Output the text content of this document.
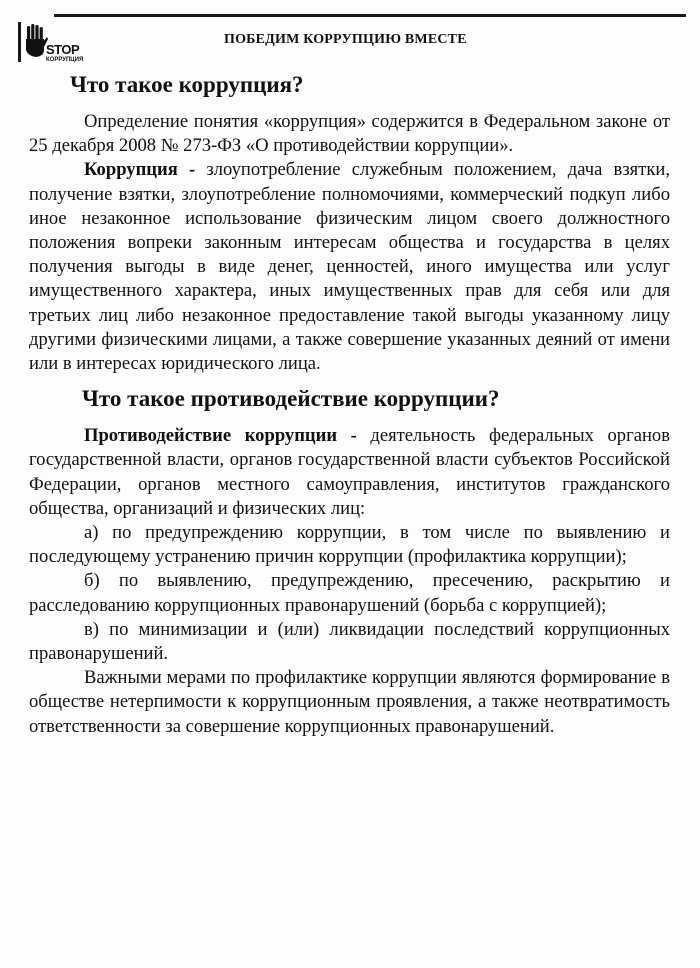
STOP
КОРРУПЦИЯ
ПОБЕДИМ КОРРУПЦИЮ ВМЕСТЕ
Что такое коррупция?

Определение понятия «коррупция» содержится в Федеральном законе от 25 декабря 2008 № 273-ФЗ «О противодействии коррупции».

Коррупция - злоупотребление служебным положением, дача взятки, получение взятки, злоупотребление полномочиями, коммерческий подкуп либо иное незаконное использование физическим лицом своего должностного положения вопреки законным интересам общества и государства в целях получения выгоды в виде денег, ценностей, иного имущества или услуг имущественного характера, иных имущественных прав для себя или для третьих лиц либо незаконное предоставление такой выгоды указанному лицу другими физическими лицами, а также совершение указанных деяний от имени или в интересах юридического лица.

Что такое противодействие коррупции?

Противодействие коррупции - деятельность федеральных органов государственной власти, органов государственной власти субъектов Российской Федерации, органов местного самоуправления, институтов гражданского общества, организаций и физических лиц:

а) по предупреждению коррупции, в том числе по выявлению и последующему устранению причин коррупции (профилактика коррупции);

б) по выявлению, предупреждению, пресечению, раскрытию и расследованию коррупционных правонарушений (борьба с коррупцией);

в) по минимизации и (или) ликвидации последствий коррупционных правонарушений.

Важными мерами по профилактике коррупции являются формирование в обществе нетерпимости к коррупционным проявления, а также неотвратимость ответственности за совершение коррупционных правонарушений.
